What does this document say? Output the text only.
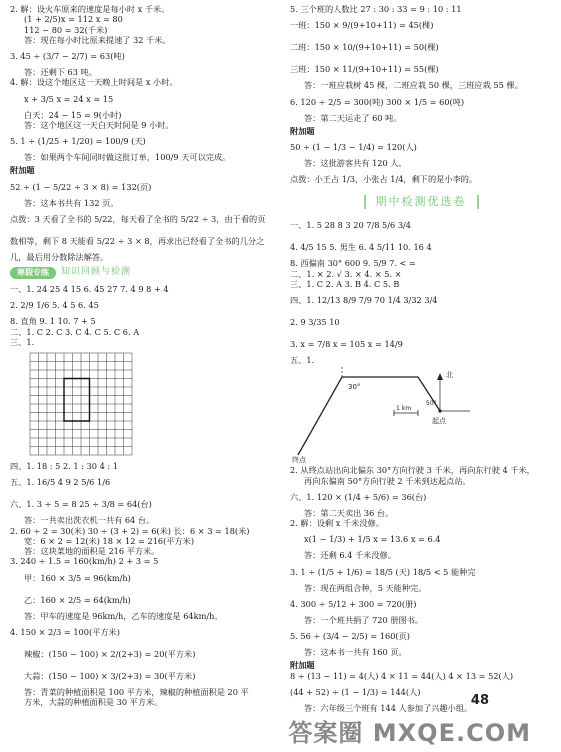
2. 解：设火车原来的速度是每小时 x 千米。
(1 + 2/5)x = 112 x = 80
112 − 80 = 32(千米)
答：现在每小时比原来提速了 32 千米。
3. 45 ÷ (3/7 − 2/7) = 63(吨)
答：还剩下 63 吨。
4. 解：设这个地区这一天晚上时间是 x 小时。
x + 3/5 x = 24 x = 15
白天：24 − 15 = 9(小时)
答：这个地区这一天白天时间是 9 小时。
5. 1 ÷ (1/25 + 1/20) = 100/9 (天)
答：如果两个车间同时做这批订单，100/9 天可以完成。
附加题
52 ÷ (1 − 5/22 ÷ 3 × 8) = 132(页)
答：这本书共有 132 页。
点拨：3 天看了全书的 5/22，每天看了全书的 5/22 ÷ 3，由于看的页
数相等，剩下 8 天能看 5/22 ÷ 3 × 8，再求出已经看了全书的几分之
几，最后用分数除法解答。
寒假专练	知识回顾与检测
一、1. 24 25 4 15 6. 45 27 7. 4 9 8 + 4
2. 2/9 1/6 5. 4 5 6. 45
8. 直角 9. 1 10. 7 + 5
二、1. C 2. C 3. C 4. C 5. C 6. A
三、1.
四、1. 18 : 5 2. 1 : 30 4 : 1
五、1. 16/5 4 9 2 5/6 1/6
六、1. 3 ÷ 5 = 8 25 ÷ 3/8 = 64(台)
答：一共卖出洗衣机一共有 64 台。
2. 60 ÷ 2 = 30(米) 30 ÷ (3 + 2) = 6(米) 长：6 × 3 = 18(米)
宽：6 × 2 = 12(米) 18 × 12 = 216(平方米)
答：这块菜地的面积是 216 平方米。
3. 240 ÷ 1.5 = 160(km/h) 2 + 3 = 5
甲：160 × 3/5 = 96(km/h)
乙：160 × 2/5 = 64(km/h)
答：甲车的速度是 96km/h，乙车的速度是 64km/h。
4. 150 × 2/3 = 100(平方米)
辣椒：(150 − 100) × 2/(2+3) = 20(平方米)
大蒜：(150 − 100) × 3/(2+3) = 30(平方米)
答：青菜的种植面积是 100 平方米，辣椒的种植面积是 20 平
方米，大蒜的种植面积是 30 平方米。
5. 三个班的人数比 27 : 30 : 33 = 9 : 10 : 11
一班：150 × 9/(9+10+11) = 45(棵)
二班：150 × 10/(9+10+11) = 50(棵)
三班：150 × 11/(9+10+11) = 55(棵)
答：一班应栽树 45 棵，二班应栽 50 棵，三班应栽 55 棵。
6. 120 ÷ 2/5 = 300(吨) 300 × 1/5 = 60(吨)
答：第二天运走了 60 吨。
附加题
50 ÷ (1 − 1/3 − 1/4) = 120(人)
答：这批游客共有 120 人。
点拨：小王占 1/3，小张占 1/4，剩下的是小李的。
期中检测优选卷
一、1. 5 28 8 3 20 7/8 5/6 3/4
4. 4/5 15 5. 男生 6. 4 5/11 10. 16 4
8. 西偏南 30° 600 9. 5/9 7. < =
二、1. × 2. √ 3. × 4. × 5. ×
三、1. C 2. A 3. B 4. C 5. B
四、1. 12/13 8/9 7/9 70 1/4 3/32 3/4
2. 9 3/35 10
3. x = 7/8 x = 105 x = 14/9
五、1.
30°
北
50°
起点
1 km
终点
2. 从终点站出向北偏东 30°方向行驶 3 千米，再向东行驶 4 千米，
再向东偏南 50°方向行驶 2 千米到达起点站。
六、1. 120 × (1/4 + 5/6) = 36(台)
答：第二天卖出 36 台。
2. 解：设剩 x 千米没修。
x(1 − 1/3) + 1/5 x = 13.6 x = 6.4
答：还剩 6.4 千米没修。
3. 1 ÷ (1/5 + 1/6) = 18/5 (天) 18/5 < 5 能种完
答：现在两组合种，5 天能种完。
4. 300 ÷ 5/12 + 300 = 720(册)
答：一个班共捐了 720 册图书。
5. 56 ÷ (3/4 − 2/5) = 160(页)
答：这本书一共有 160 页。
附加题
8 ÷ (13 − 11) = 4(人) 4 × 11 = 44(人) 4 × 13 = 52(人)
(44 + 52) ÷ (1 − 1/3) = 144(人)
答：六年级三个班有 144 人参加了兴趣小组。
48
答案圈 MXQE.COM
